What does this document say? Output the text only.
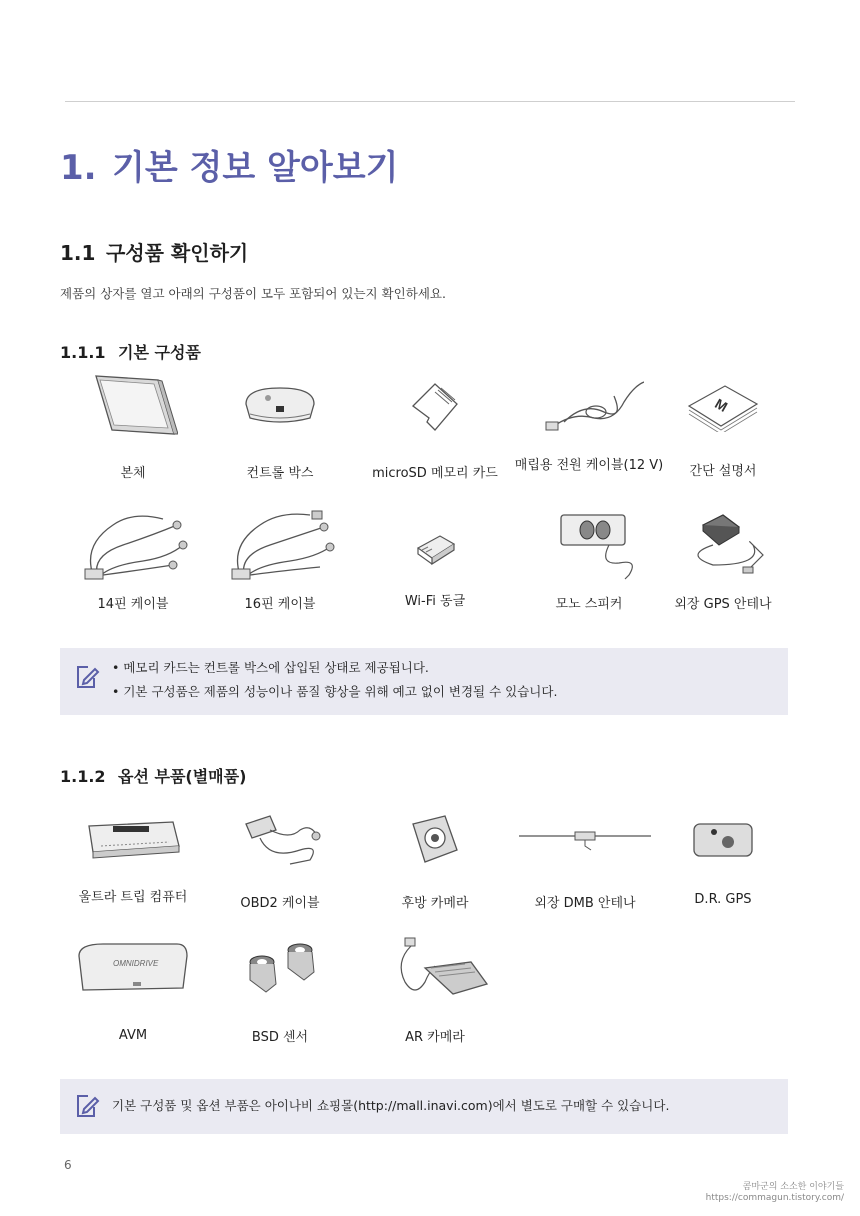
1. 기본 정보 알아보기
1.1 구성품 확인하기
제품의 상자를 열고 아래의 구성품이 모두 포함되어 있는지 확인하세요.
1.1.1 기본 구성품
본체	컨트롤 박스	microSD 메모리 카드
매립용 전원 케이블(12 V)
M
간단 설명서
14핀 케이블	16핀 케이블	Wi-Fi 동글	모노 스피커	외장 GPS 안테나
• 메모리 카드는 컨트롤 박스에 삽입된 상태로 제공됩니다.
• 기본 구성품은 제품의 성능이나 품질 향상을 위해 예고 없이 변경될 수 있습니다.
1.1.2 옵션 부품(별매품)
울트라 트립 컴퓨터	OBD2 케이블	후방 카메라	외장 DMB 안테나	D.R. GPS
OMNIDRIVE
AVM	BSD 센서	AR 카메라
기본 구성품 및 옵션 부품은 아이나비 쇼핑몰(http://mall.inavi.com)에서 별도로 구매할 수 있습니다.
6
콤마군의 소소한 이야기들
https://commagun.tistory.com/
